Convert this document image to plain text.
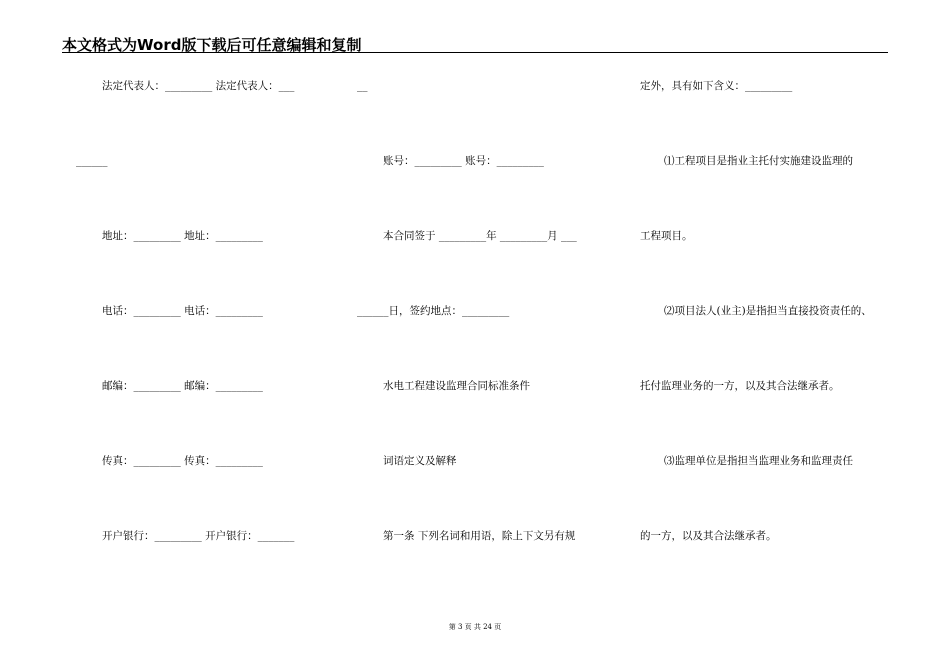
本文格式为Word版下载后可任意编辑和复制
法定代表人：_________ 法定代表人：___
______
地址：_________ 地址：_________
电话：_________ 电话：_________
邮编：_________ 邮编：_________
传真：_________ 传真：_________
开户银行：_________ 开户银行：_______
__
账号：_________ 账号：_________
本合同签于 _________年 _________月 ___
______日，签约地点：_________
水电工程建设监理合同标准条件
词语定义及解释
第一条 下列名词和用语，除上下文另有规
定外，具有如下含义：_________
⑴工程项目是指业主托付实施建设监理的
工程项目。
⑵项目法人(业主)是指担当直接投资责任的、
托付监理业务的一方，以及其合法继承者。
⑶监理单位是指担当监理业务和监理责任
的一方，以及其合法继承者。
第 3 页 共 24 页
